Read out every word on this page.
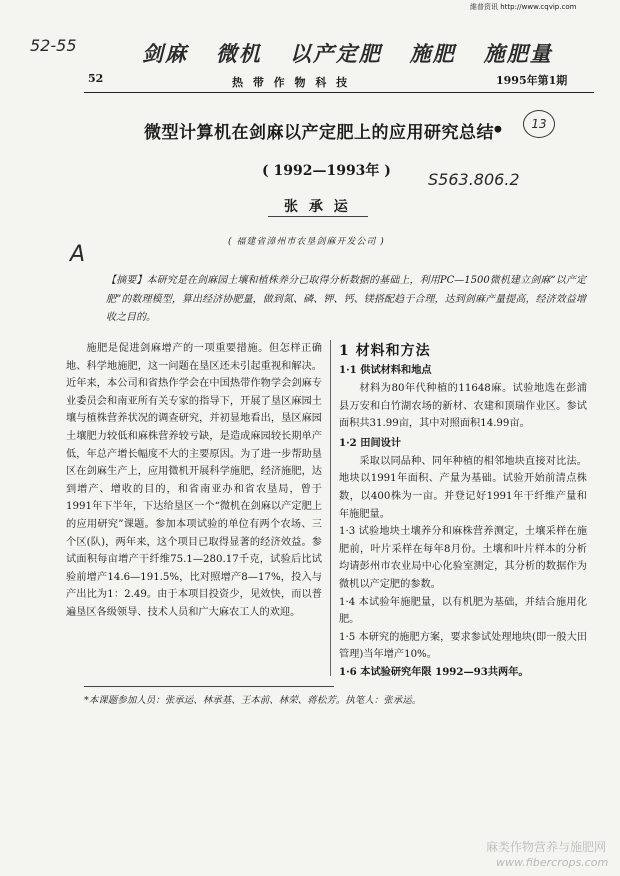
維普资讯 http://www.cqvip.com
52-55	剑麻   微机   以产定肥   施肥   施肥量
52	热 带 作 物 科 技	1995年第1期
微型计算机在剑麻以产定肥上的应用研究总结●	13
( 1992—1993年 ) S563.806.2
张 承 运
( 福建省漳州市农垦剑麻开发公司 )
A
【摘要】本研究是在剑麻园土壤和植株养分已取得分析数据的基础上，利用PC—1500微机建立剑麻“以产定肥”的数理模型，算出经济协肥量，做到氮、磷、钾、钙、镁搭配趋于合理，达到剑麻产量提高，经济效益增收之目的。

施肥是促进剑麻增产的一项重要措施。但怎样正确地、科学地施肥，这一问题在垦区还未引起重视和解决。近年来，本公司和省热作学会在中国热带作物学会剑麻专业委员会和南亚所有关专家的指导下，开展了垦区麻园土壤与植株营养状况的调查研究，并初显地看出，垦区麻园土壤肥力较低和麻株营养较亏缺，是造成麻园较长期单产低，年总产增长幅度不大的主要原因。为了进一步帮助垦区在剑麻生产上，应用微机开展科学施肥，经济施肥，达到增产、增收的目的，和省南亚办和省农垦局，曾于1991年下半年，下达给垦区一个“微机在剑麻以产定肥上的应用研究”课题。参加本项试验的单位有两个农场、三个区(队)，两年来，这个项目已取得显著的经济效益。参试面积每亩增产干纤维75.1—280.17千克，试验后比试验前增产14.6—191.5%，比对照增产8—17%，投入与产出比为1：2.49。由于本项目投资少，见效快，而以普遍垦区各级领导、技术人员和广大麻农工人的欢迎。

1 材料和方法
1·1 供试材料和地点

材料为80年代种植的11648麻。试验地选在彭浦县万安和白竹湖农场的新材、农建和顶瑞作业区。参试面积共31.99亩，其中对照面积14.99亩。

1·2 田间设计

采取以同品种、同年种植的相邻地块直接对比法。地块以1991年面积、产量为基础。试验开始前清点株数，以400株为一亩。并登记好1991年干纤维产量和年施肥量。

1·3 试验地块土壤养分和麻株营养测定，土壤采样在施肥前，叶片采样在每年8月份。土壤和叶片样本的分析均请彭州市农业局中心化验室测定，其分析的数据作为微机以产定肥的参数。

1·4 本试验年施肥量，以有机肥为基础，并结合施用化肥。

1·5 本研究的施肥方案，要求参试处理地块(即一般大田管理)当年增产10%。

1·6 本试验研究年限 1992—93共两年。

*本课题参加人员：张承运、林承基、王本前、林荣、蒋松芳。执笔人：张承运。
麻类作物营养与施肥网
www.fibercrops.com
